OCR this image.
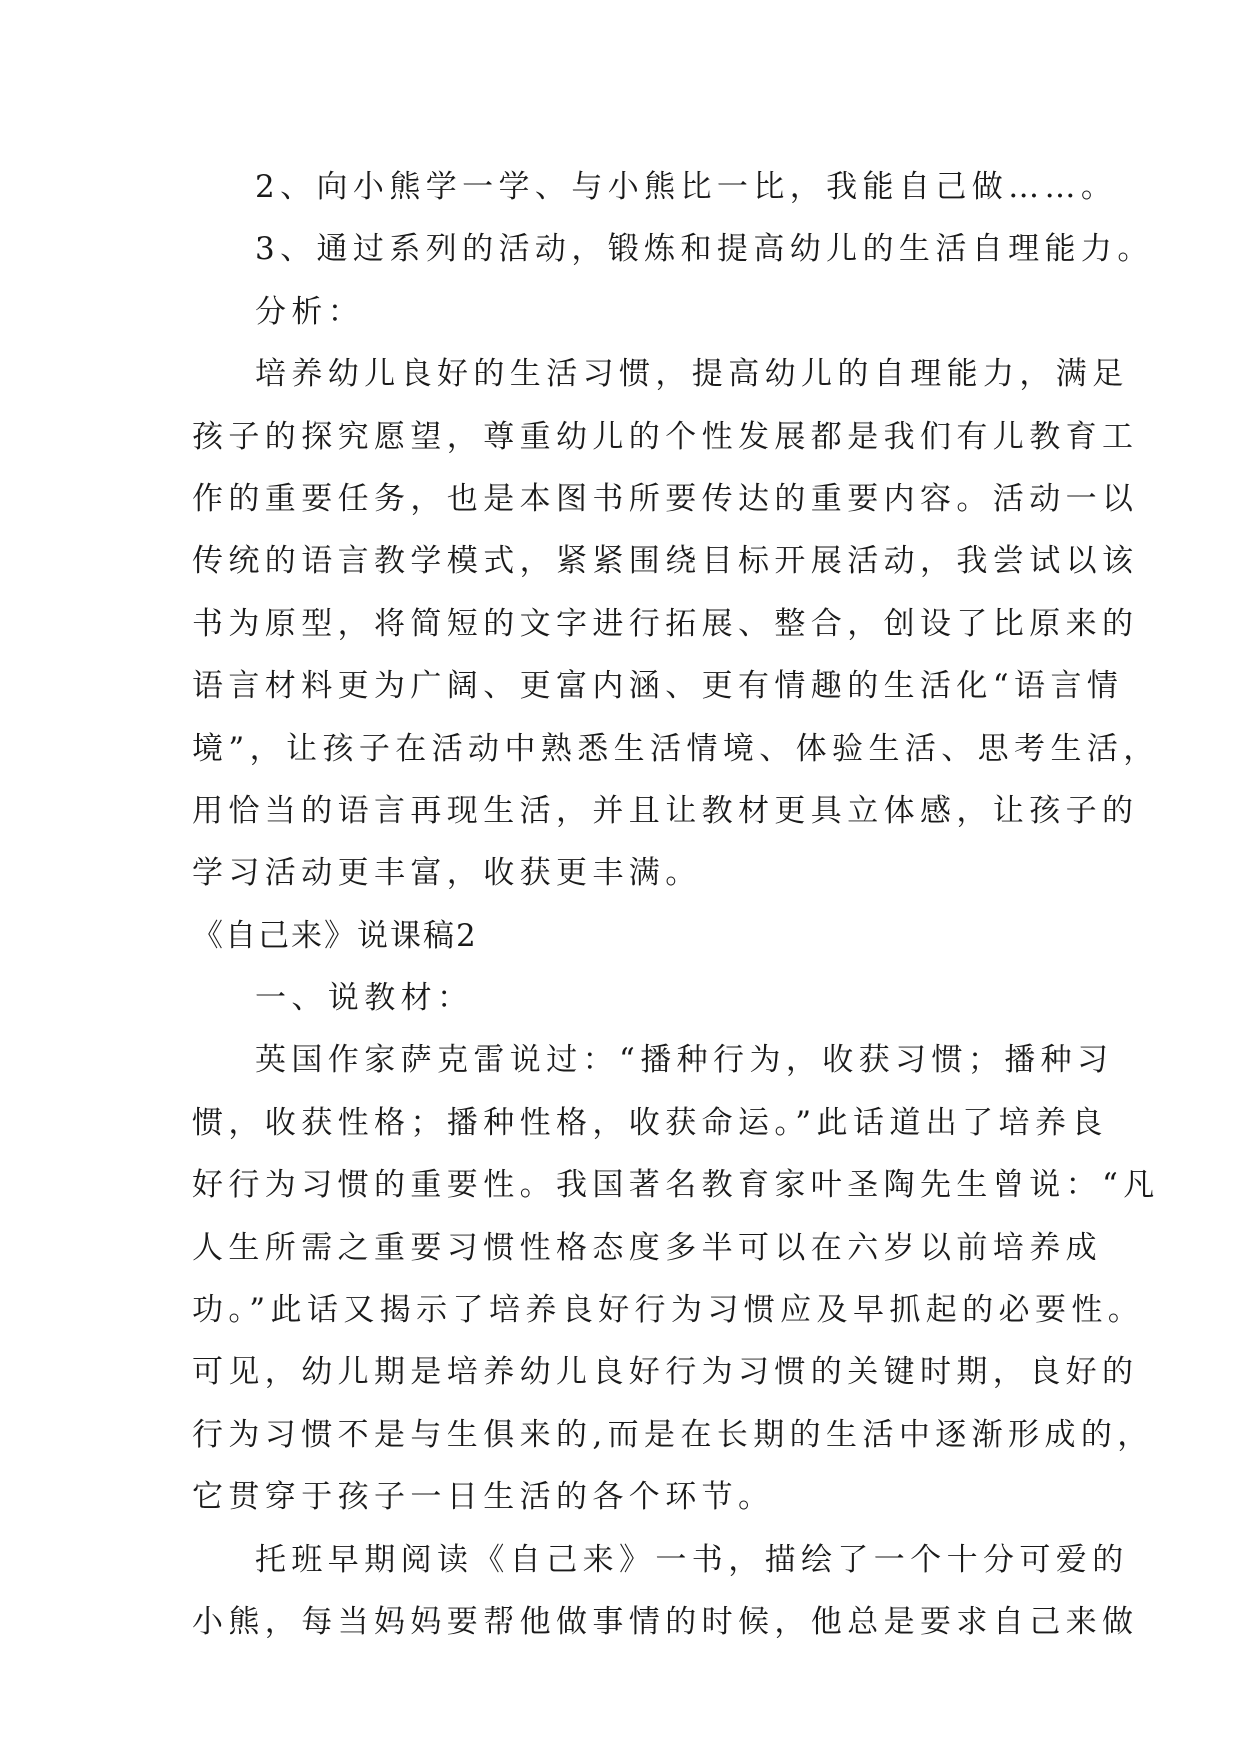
2、向小熊学一学、与小熊比一比，我能自己做……。
3、通过系列的活动，锻炼和提高幼儿的生活自理能力。
分析：
培养幼儿良好的生活习惯，提高幼儿的自理能力，满足
孩子的探究愿望，尊重幼儿的个性发展都是我们有儿教育工
作的重要任务，也是本图书所要传达的重要内容。活动一以
传统的语言教学模式，紧紧围绕目标开展活动，我尝试以该
书为原型，将简短的文字进行拓展、整合，创设了比原来的
语言材料更为广阔、更富内涵、更有情趣的生活化“语言情
境”，让孩子在活动中熟悉生活情境、体验生活、思考生活，
用恰当的语言再现生活，并且让教材更具立体感，让孩子的
学习活动更丰富，收获更丰满。
《自己来》说课稿2
一、说教材：
英国作家萨克雷说过：“播种行为，收获习惯；播种习
惯，收获性格；播种性格，收获命运。”此话道出了培养良
好行为习惯的重要性。我国著名教育家叶圣陶先生曾说：“凡
人生所需之重要习惯性格态度多半可以在六岁以前培养成
功。”此话又揭示了培养良好行为习惯应及早抓起的必要性。
可见，幼儿期是培养幼儿良好行为习惯的关键时期，良好的
行为习惯不是与生俱来的,而是在长期的生活中逐渐形成的，
它贯穿于孩子一日生活的各个环节。
托班早期阅读《自己来》一书，描绘了一个十分可爱的
小熊，每当妈妈要帮他做事情的时候，他总是要求自己来做
